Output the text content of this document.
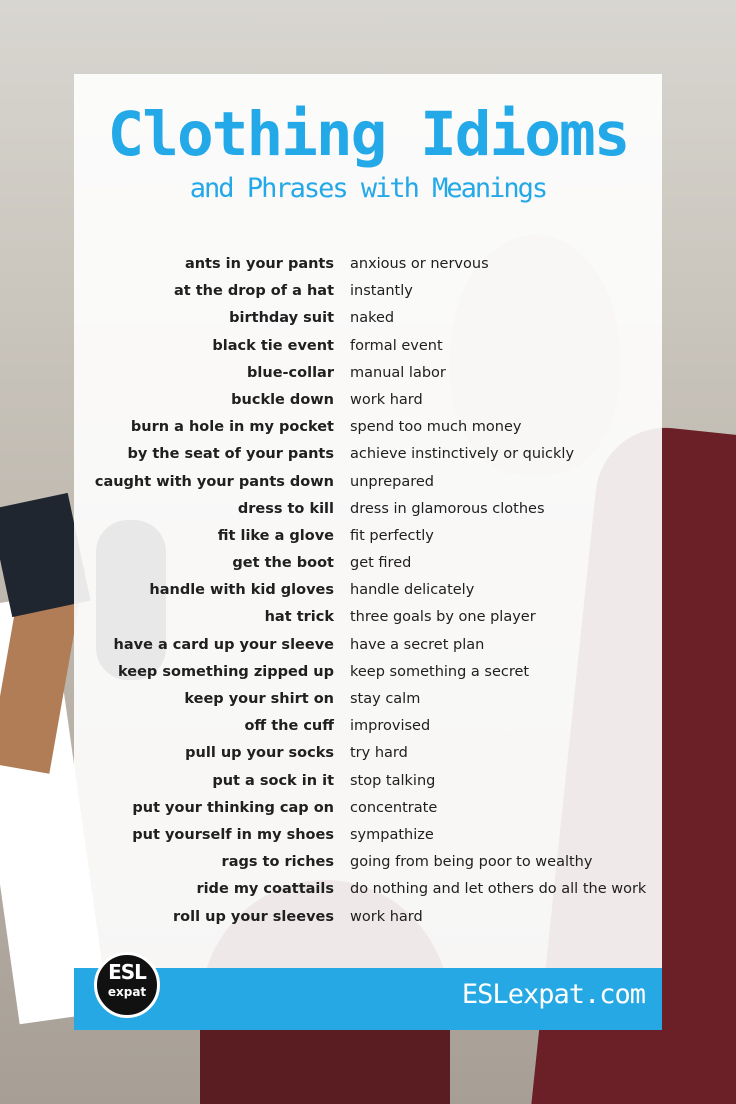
Clothing Idioms
and Phrases with Meanings
ants in your pants anxious or nervous
at the drop of a hat instantly
birthday suit naked
black tie event formal event
blue-collar manual labor
buckle down work hard
burn a hole in my pocket spend too much money
by the seat of your pants achieve instinctively or quickly
caught with your pants down unprepared
dress to kill dress in glamorous clothes
fit like a glove fit perfectly
get the boot get fired
handle with kid gloves handle delicately
hat trick three goals by one player
have a card up your sleeve have a secret plan
keep something zipped up keep something a secret
keep your shirt on stay calm
off the cuff improvised
pull up your socks try hard
put a sock in it stop talking
put your thinking cap on concentrate
put yourself in my shoes sympathize
rags to riches going from being poor to wealthy
ride my coattails do nothing and let others do all the work
roll up your sleeves work hard
ESL
expat	ESLexpat.com
